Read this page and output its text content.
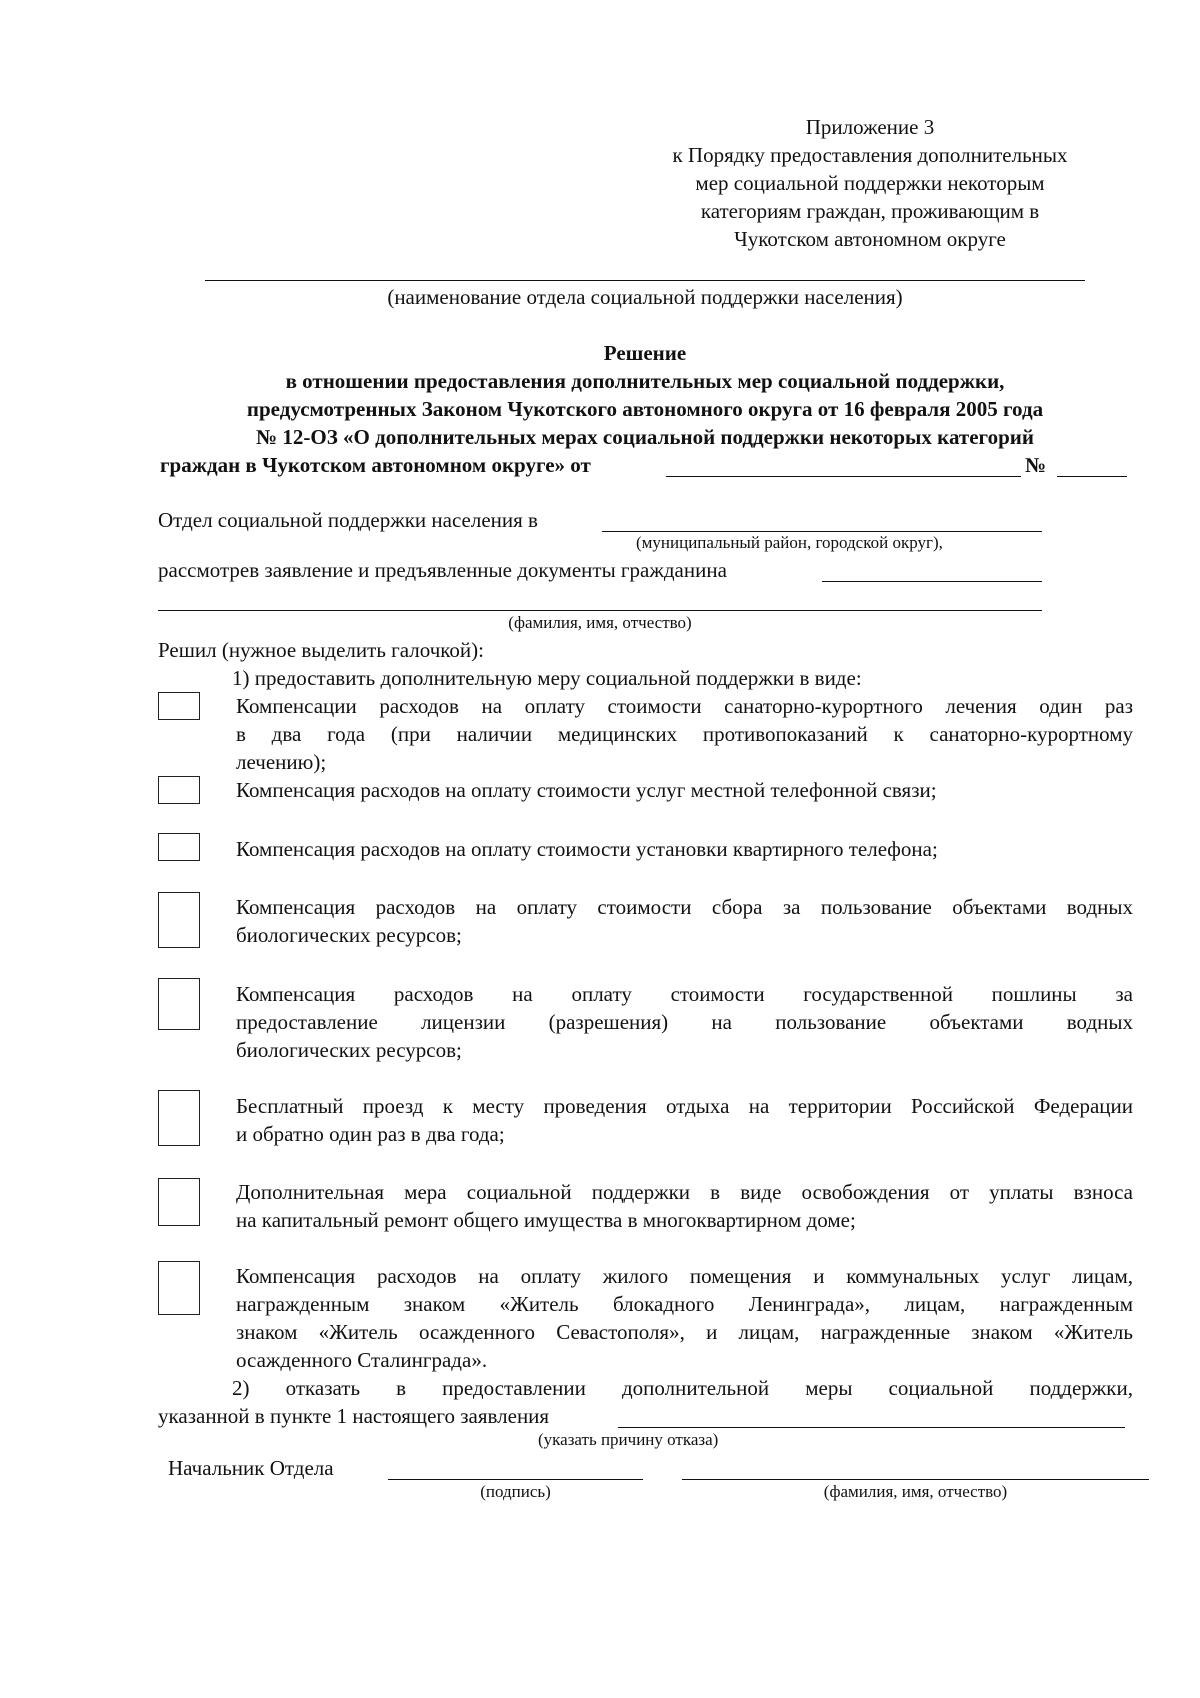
Приложение 3
к Порядку предоставления дополнительных
мер социальной поддержки некоторым
категориям граждан, проживающим в
Чукотском автономном округе
(наименование отдела социальной поддержки населения)
Решение
в отношении предоставления дополнительных мер социальной поддержки,
предусмотренных Законом Чукотского автономного округа от 16 февраля 2005 года
№ 12-ОЗ «О дополнительных мерах социальной поддержки некоторых категорий
граждан в Чукотском автономном округе» от	№
Отдел социальной поддержки населения в
(муниципальный район, городской округ),
рассмотрев заявление и предъявленные документы гражданина
(фамилия, имя, отчество)
Решил (нужное выделить галочкой):
1) предоставить дополнительную меру социальной поддержки в виде:
Компенсации расходов на оплату стоимости санаторно-курортного лечения один раз
в два года (при наличии медицинских противопоказаний к санаторно-курортному
лечению);
Компенсация расходов на оплату стоимости услуг местной телефонной связи;
Компенсация расходов на оплату стоимости установки квартирного телефона;
Компенсация расходов на оплату стоимости сбора за пользование объектами водных
биологических ресурсов;
Компенсация расходов на оплату стоимости государственной пошлины за
предоставление лицензии (разрешения) на пользование объектами водных
биологических ресурсов;
Бесплатный проезд к месту проведения отдыха на территории Российской Федерации
и обратно один раз в два года;
Дополнительная мера социальной поддержки в виде освобождения от уплаты взноса
на капитальный ремонт общего имущества в многоквартирном доме;
Компенсация расходов на оплату жилого помещения и коммунальных услуг лицам,
награжденным знаком «Житель блокадного Ленинграда», лицам, награжденным
знаком «Житель осажденного Севастополя», и лицам, награжденные знаком «Житель
осажденного Сталинграда».
2) отказать в предоставлении дополнительной меры социальной поддержки,
указанной в пункте 1 настоящего заявления
(указать причину отказа)
Начальник Отдела
(подпись)	(фамилия, имя, отчество)
